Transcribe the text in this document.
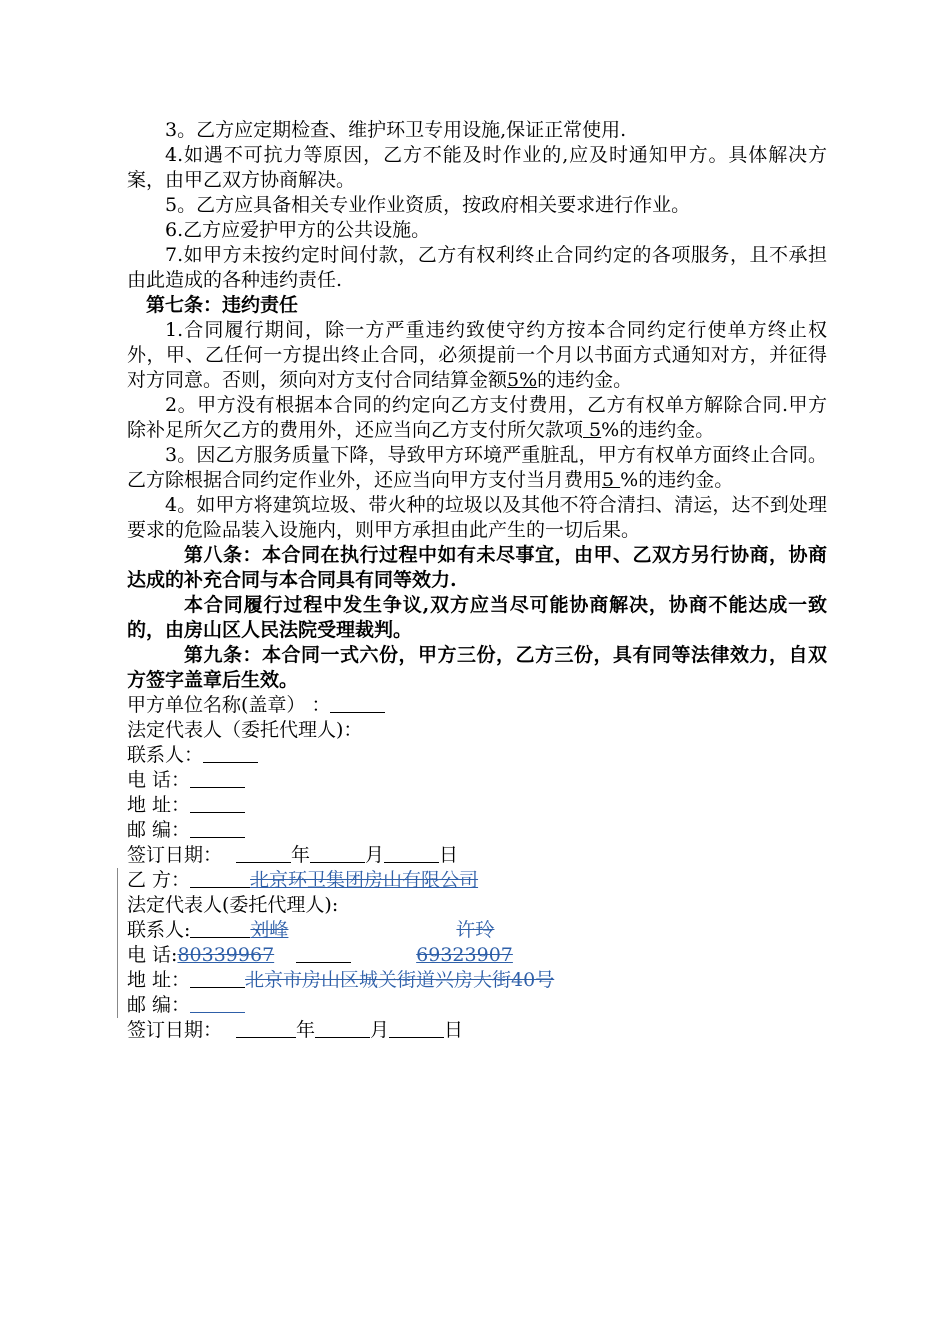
3。乙方应定期检查、维护环卫专用设施,保证正常使用.

4.如遇不可抗力等原因，乙方不能及时作业的,应及时通知甲方。具体解决方案，由甲乙双方协商解决。

5。乙方应具备相关专业作业资质，按政府相关要求进行作业。

6.乙方应爱护甲方的公共设施。

7.如甲方未按约定时间付款，乙方有权利终止合同约定的各项服务，且不承担由此造成的各种违约责任.

第七条：违约责任

1.合同履行期间，除一方严重违约致使守约方按本合同约定行使单方终止权外，甲、乙任何一方提出终止合同，必须提前一个月以书面方式通知对方，并征得对方同意。否则，须向对方支付合同结算金额5%的违约金。

2。甲方没有根据本合同的约定向乙方支付费用，乙方有权单方解除合同.甲方除补足所欠乙方的费用外，还应当向乙方支付所欠款项 5%的违约金。

3。因乙方服务质量下降，导致甲方环境严重脏乱，甲方有权单方面终止合同。乙方除根据合同约定作业外，还应当向甲方支付当月费用5 %的违约金。

4。如甲方将建筑垃圾、带火种的垃圾以及其他不符合清扫、清运，达不到处理要求的危险品装入设施内，则甲方承担由此产生的一切后果。

第八条：本合同在执行过程中如有未尽事宜，由甲、乙双方另行协商，协商达成的补充合同与本合同具有同等效力.

本合同履行过程中发生争议,双方应当尽可能协商解决，协商不能达成一致的，由房山区人民法院受理裁判。

第九条：本合同一式六份，甲方三份，乙方三份，具有同等法律效力，自双方签字盖章后生效。

甲方单位名称(盖章） ：

法定代表人（委托代理人)：

联系人：

电 话：

地 址：

邮 编：

签订日期：	年	月	日

乙 方：	北京环卫集团房山有限公司

法定代表人(委托代理人):

联系人:	刘峰	许玲

电 话:80339967	69323907

地 址：	北京市房山区城关街道兴房大街40号

邮 编：

签订日期：	年	月	日
